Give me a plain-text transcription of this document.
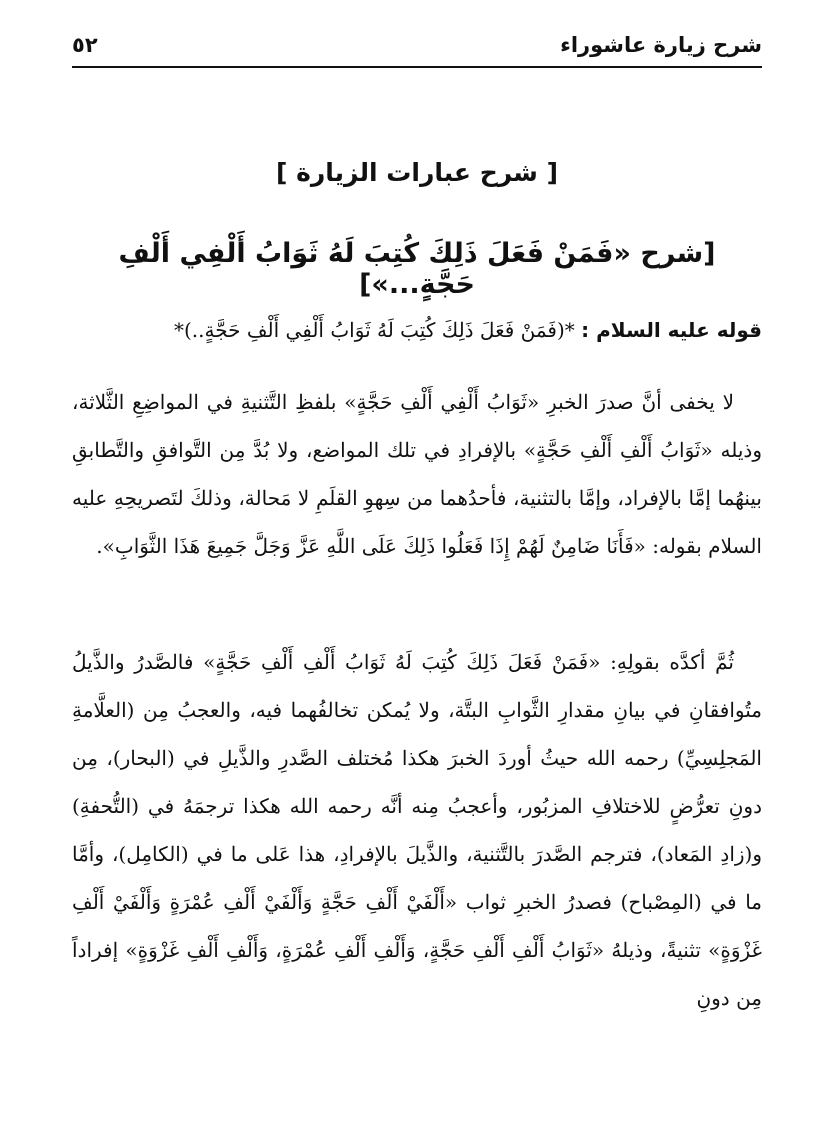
شرح زيارة عاشوراء
٥٢
[ شرح عبارات الزيارة ]
[شرح «فَمَنْ فَعَلَ ذَلِكَ كُتِبَ لَهُ ثَوَابُ أَلْفِي أَلْفِ حَجَّةٍ...»]
قوله عليه السلام : *(فَمَنْ فَعَلَ ذَلِكَ كُتِبَ لَهُ ثَوَابُ أَلْفِي أَلْفِ حَجَّةٍ..)*
لا يخفى أنَّ صدرَ الخبرِ «ثَوَابُ أَلْفِي أَلْفِ حَجَّةٍ» بلفظِ التَّثنيةِ في المواضِعِ الثَّلاثة، وذيله «ثَوَابُ أَلْفِ أَلْفِ حَجَّةٍ» بالإفرادِ في تلك المواضع، ولا بُدَّ مِن التَّوافقِ والتَّطابقِ بينهُما إمَّا بالإفراد، وإمَّا بالتثنية، فأحدُهما من سِهوِ القلَمِ لا مَحالة، وذلكَ لتَصريحِهِ عليه السلام بقوله: «فَأَنَا ضَامِنٌ لَهُمْ إِذَا فَعَلُوا ذَلِكَ عَلَى اللَّهِ عَزَّ وَجَلَّ جَمِيعَ هَذَا الثَّوَابِ».
ثُمَّ أكدَّه بقولِهِ: «فَمَنْ فَعَلَ ذَلِكَ كُتِبَ لَهُ ثَوَابُ أَلْفِ أَلْفِ حَجَّةٍ» فالصَّدرُ والذَّيلُ متُوافقانِ في بيانِ مقدارِ الثَّوابِ البتَّة، ولا يُمكن تخالفُهما فيه، والعجبُ مِن (العلَّامةِ المَجلِسِيِّ) رحمه الله حيثُ أوردَ الخبرَ هكذا مُختلف الصَّدرِ والذَّيلِ في (البحار)، مِن دونِ تعرُّضٍ للاختلافِ المزبُور، وأعجبُ مِنه أنَّه رحمه الله هكذا ترجمَهُ في (التُّحفةِ) و(زادِ المَعاد)، فترجم الصَّدرَ بالتَّثنية، والذَّيلَ بالإفرادِ، هذا عَلى ما في (الكامِل)، وأمَّا ما في (المِصْباح) فصدرُ الخبرِ ثواب «أَلْفَيْ أَلْفِ حَجَّةٍ وَأَلْفَيْ أَلْفِ عُمْرَةٍ وَأَلْفَيْ أَلْفِ غَزْوَةٍ» تثنيةً، وذيلهُ «ثَوَابُ أَلْفِ أَلْفِ حَجَّةٍ، وَأَلْفِ أَلْفِ عُمْرَةٍ، وَأَلْفِ أَلْفِ غَزْوَةٍ» إفراداً مِن دونِ
